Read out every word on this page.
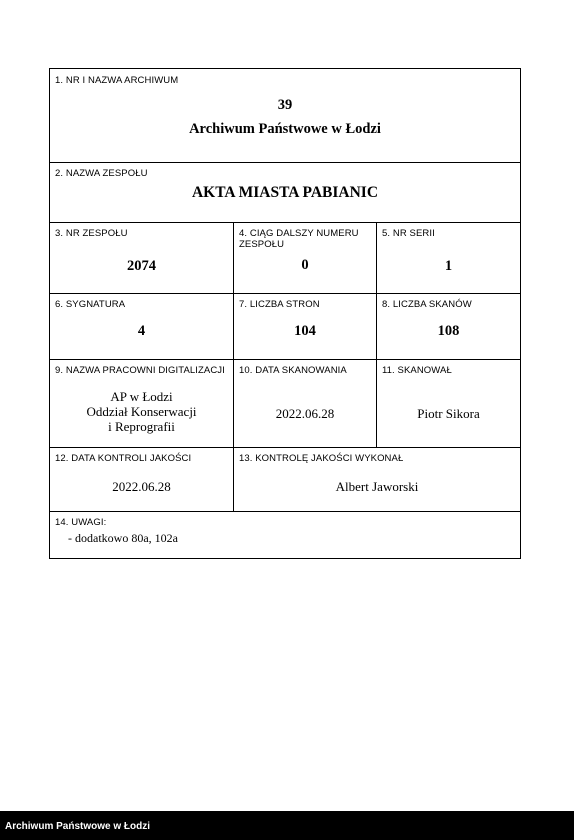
1. NR I NAZWA ARCHIWUM
39
Archiwum Państwowe w Łodzi
2. NAZWA ZESPOŁU
AKTA MIASTA PABIANIC
3. NR ZESPOŁU
2074
4. CIĄG DALSZY NUMERU
ZESPOŁU
0
5. NR SERII
1
6. SYGNATURA
4
7. LICZBA STRON
104
8. LICZBA SKANÓW
108
9. NAZWA PRACOWNI DIGITALIZACJI
AP w Łodzi
Oddział Konserwacji
i Reprografii
10. DATA SKANOWANIA
2022.06.28
11. SKANOWAŁ
Piotr Sikora
12. DATA KONTROLI JAKOŚCI
2022.06.28
13. KONTROLĘ JAKOŚCI WYKONAŁ
Albert Jaworski
14. UWAGI:
- dodatkowo 80a, 102a
Archiwum Państwowe w Łodzi
